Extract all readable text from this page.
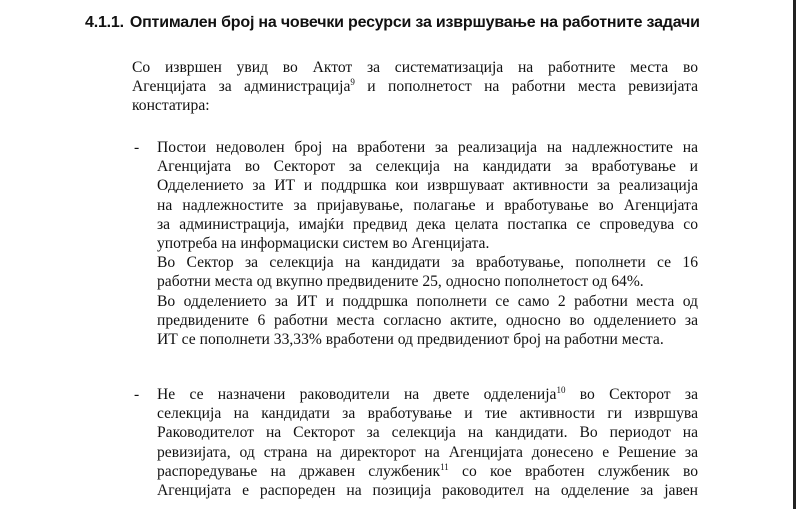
4.1.1. Оптимален број на човечки ресурси за извршување на работните задачи

Со извршен увид во Актот за систематизација на работните места во
Агенцијата за администрација$^9$ и пополнетост на работни места ревизијата
констатира:

- Постои недоволен број на вработени за реализација на надлежностите на
Агенцијата во Секторот за селекција на кандидати за вработување и
Одделението за ИТ и поддршка кои извршуваат активности за реализација
на надлежностите за пријавување, полагање и вработување во Агенцијата
за администрација, имајќи предвид дека целата постапка се спроведува со
употреба на информациски систем во Агенцијата.
Во Сектор за селекција на кандидати за вработување, пополнети се 16
работни места од вкупно предвидените 25, односно пополнетост од 64%.
Во одделението за ИТ и поддршка пополнети се само 2 работни места од
предвидените 6 работни места согласно актите, односно во одделението за
ИТ се пополнети 33,33% вработени од предвидениот број на работни места.

- Не се назначени раководители на двете одделенија$^{10}$ во Секторот за
селекција на кандидати за вработување и тие активности ги извршува
Раководителот на Секторот за селекција на кандидати. Во периодот на
ревизијата, од страна на директорот на Агенцијата донесено е Решение за
распоредување на државен службеник$^{11}$ со кое вработен службеник во
Агенцијата е распореден на позиција раководител на одделение за јавен
